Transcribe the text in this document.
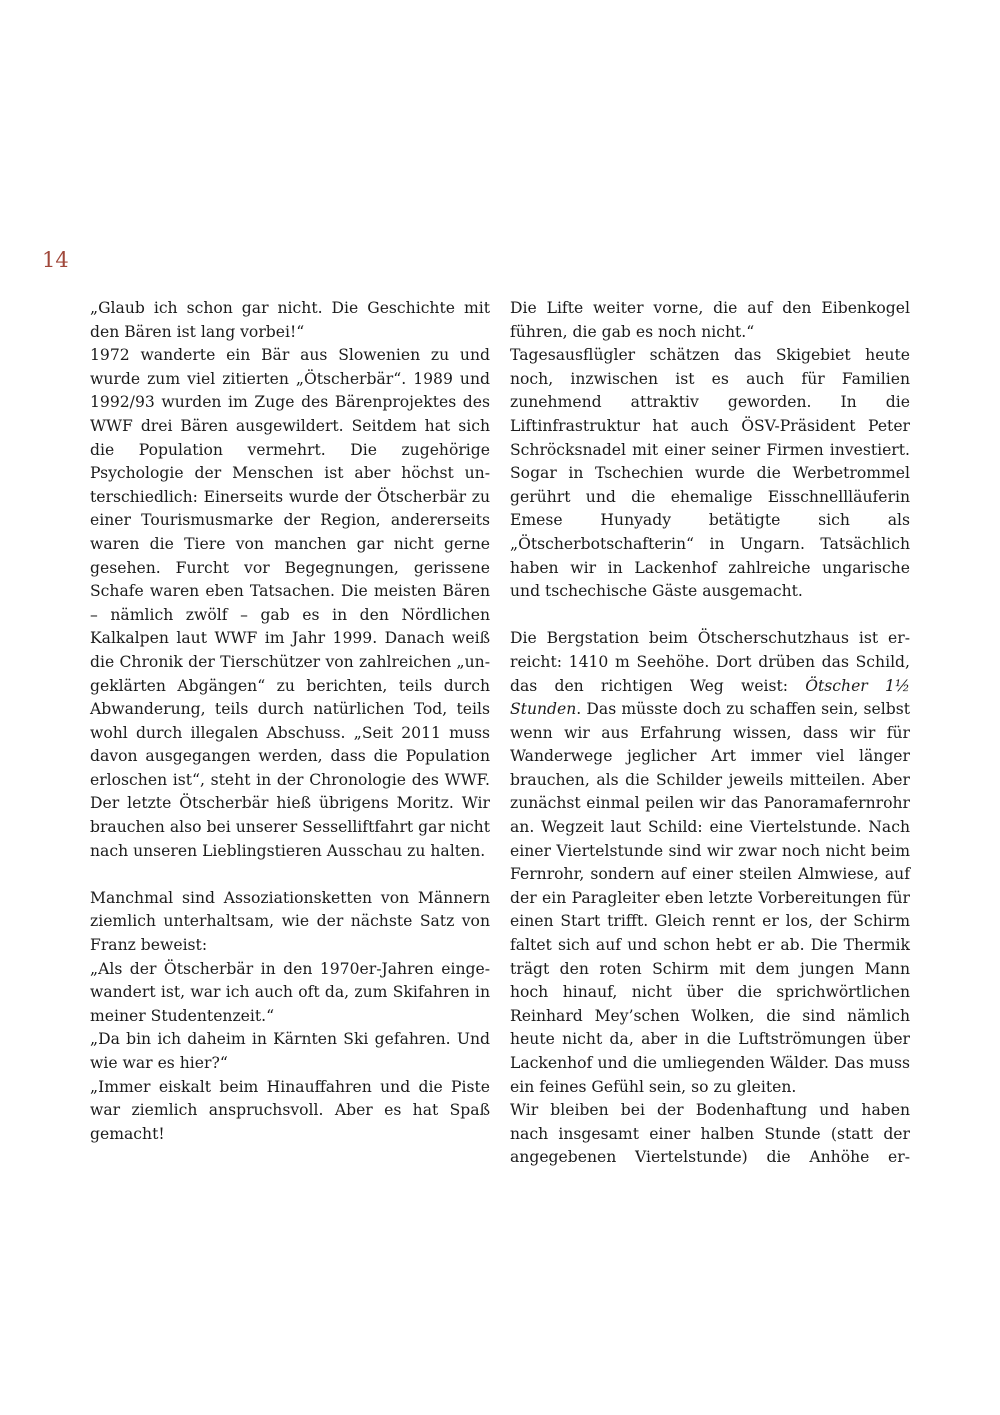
14

„Glaub ich schon gar nicht. Die Geschichte mit den Bären ist lang vorbei!“

1972 wanderte ein Bär aus Slowenien zu und wurde zum viel zitierten „Ötscherbär“. 1989 und 1992/93 wurden im Zuge des Bärenprojektes des WWF drei Bären ausgewildert. Seitdem hat sich die Population vermehrt. Die zugehörige Psychologie der Menschen ist aber höchst unterschiedlich: Einerseits wurde der Ötscherbär zu einer Tourismusmarke der Region, andererseits waren die Tiere von manchen gar nicht gerne gesehen. Furcht vor Begegnungen, gerissene Schafe waren eben Tatsachen. Die meisten Bären – nämlich zwölf – gab es in den Nördlichen Kalkalpen laut WWF im Jahr 1999. Danach weiß die Chronik der Tierschützer von zahlreichen „ungeklärten Abgängen“ zu berichten, teils durch Abwanderung, teils durch natürlichen Tod, teils wohl durch illegalen Abschuss. „Seit 2011 muss davon ausgegangen werden, dass die Population erloschen ist“, steht in der Chronologie des WWF. Der letzte Ötscherbär hieß übrigens Moritz. Wir brauchen also bei unserer Sesselliftfahrt gar nicht nach unseren Lieblingstieren Ausschau zu halten.

Manchmal sind Assoziationsketten von Männern ziemlich unterhaltsam, wie der nächste Satz von Franz beweist:

„Als der Ötscherbär in den 1970er-Jahren eingewandert ist, war ich auch oft da, zum Skifahren in meiner Studentenzeit.“

„Da bin ich daheim in Kärnten Ski gefahren. Und wie war es hier?“

„Immer eiskalt beim Hinauffahren und die Piste war ziemlich anspruchsvoll. Aber es hat Spaß gemacht!

Die Lifte weiter vorne, die auf den Eibenkogel führen, die gab es noch nicht.“

Tagesausflügler schätzen das Skigebiet heute noch, inzwischen ist es auch für Familien zunehmend attraktiv geworden. In die Liftinfrastruktur hat auch ÖSV-Präsident Peter Schröcksnadel mit einer seiner Firmen investiert. Sogar in Tschechien wurde die Werbetrommel gerührt und die ehemalige Eisschnellläuferin Emese Hunyady betätigte sich als „Ötscherbotschafterin“ in Ungarn. Tatsächlich haben wir in Lackenhof zahlreiche ungarische und tschechische Gäste ausgemacht.

Die Bergstation beim Ötscherschutzhaus ist erreicht: 1410 m Seehöhe. Dort drüben das Schild, das den richtigen Weg weist: Ötscher 1½ Stunden. Das müsste doch zu schaffen sein, selbst wenn wir aus Erfahrung wissen, dass wir für Wanderwege jeglicher Art immer viel länger brauchen, als die Schilder jeweils mitteilen. Aber zunächst einmal peilen wir das Panoramafernrohr an. Wegzeit laut Schild: eine Viertelstunde. Nach einer Viertelstunde sind wir zwar noch nicht beim Fernrohr, sondern auf einer steilen Almwiese, auf der ein Paragleiter eben letzte Vorbereitungen für einen Start trifft. Gleich rennt er los, der Schirm faltet sich auf und schon hebt er ab. Die Thermik trägt den roten Schirm mit dem jungen Mann hoch hinauf, nicht über die sprichwörtlichen Reinhard Mey’schen Wolken, die sind nämlich heute nicht da, aber in die Luftströmungen über Lackenhof und die umliegenden Wälder. Das muss ein feines Gefühl sein, so zu gleiten.

Wir bleiben bei der Bodenhaftung und haben nach insgesamt einer halben Stunde (statt der angegebenen Viertelstunde) die Anhöhe er-
